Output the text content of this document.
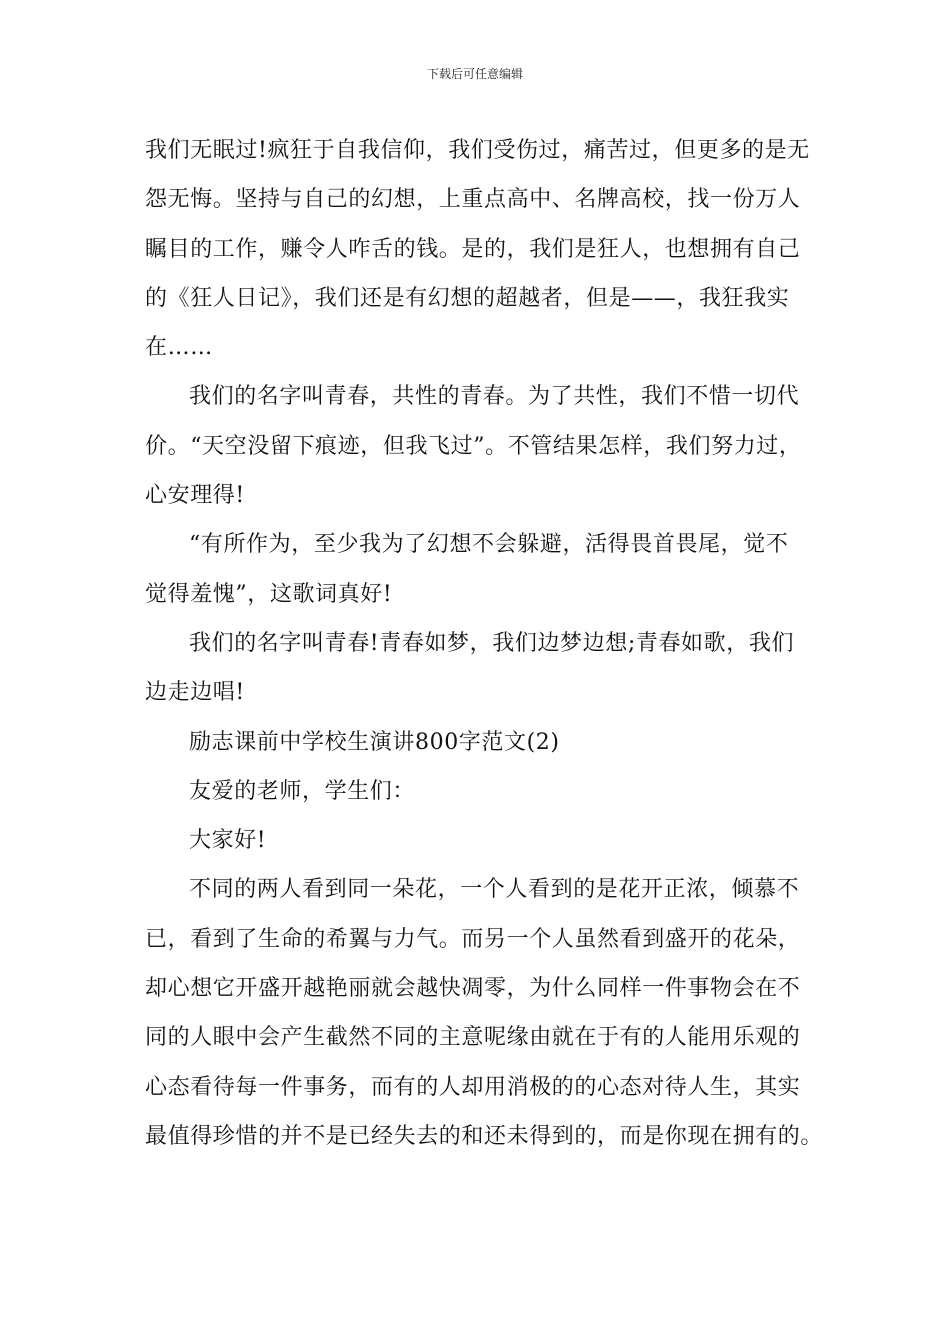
下载后可任意编辑
我们无眠过!疯狂于自我信仰，我们受伤过，痛苦过，但更多的是无
怨无悔。坚持与自己的幻想，上重点高中、名牌高校，找一份万人
瞩目的工作，赚令人咋舌的钱。是的，我们是狂人，也想拥有自己
的《狂人日记》，我们还是有幻想的超越者，但是——，我狂我实
在……
我们的名字叫青春，共性的青春。为了共性，我们不惜一切代
价。“天空没留下痕迹，但我飞过”。不管结果怎样，我们努力过，
心安理得!
“有所作为，至少我为了幻想不会躲避，活得畏首畏尾，觉不
觉得羞愧”，这歌词真好!
我们的名字叫青春!青春如梦，我们边梦边想;青春如歌，我们
边走边唱!
励志课前中学校生演讲800字范文(2)
友爱的老师，学生们：
大家好!
不同的两人看到同一朵花，一个人看到的是花开正浓，倾慕不
已，看到了生命的希翼与力气。而另一个人虽然看到盛开的花朵，
却心想它开盛开越艳丽就会越快凋零，为什么同样一件事物会在不
同的人眼中会产生截然不同的主意呢缘由就在于有的人能用乐观的
心态看待每一件事务，而有的人却用消极的的心态对待人生，其实
最值得珍惜的并不是已经失去的和还未得到的，而是你现在拥有的。
